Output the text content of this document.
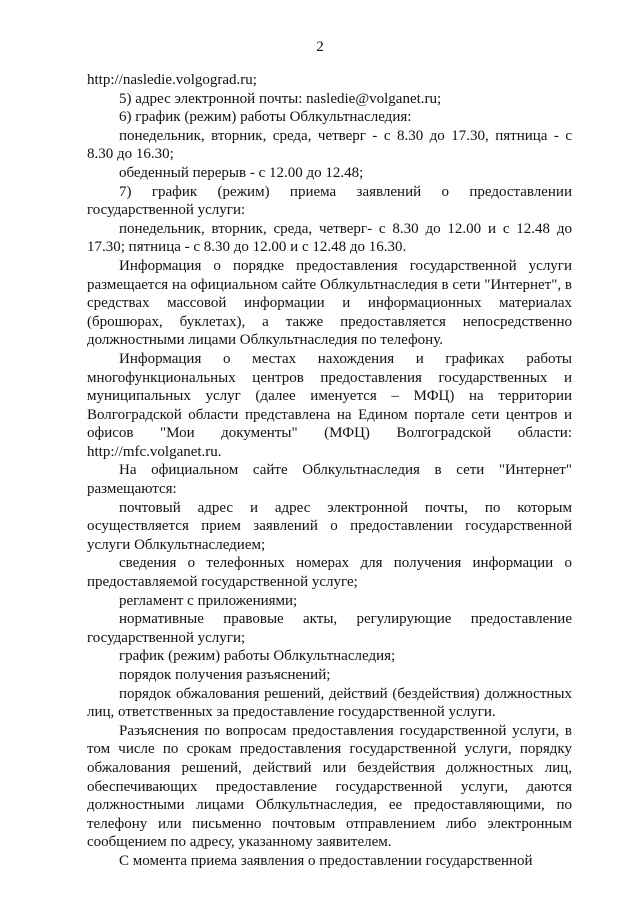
2

http://nasledie.volgograd.ru;

5) адрес электронной почты: nasledie@volganet.ru;

6) график (режим) работы Облкультнаследия:

понедельник, вторник, среда, четверг - с 8.30 до 17.30, пятница - с 8.30 до 16.30;

обеденный перерыв - с 12.00 до 12.48;

7) график (режим) приема заявлений о предоставлении государственной услуги:

понедельник, вторник, среда, четверг- с 8.30 до 12.00 и с 12.48 до 17.30; пятница - с 8.30 до 12.00 и с 12.48 до 16.30.

Информация о порядке предоставления государственной услуги размещается на официальном сайте Облкультнаследия в сети "Интернет", в средствах массовой информации и информационных материалах (брошюрах, буклетах), а также предоставляется непосредственно должностными лицами Облкультнаследия по телефону.

Информация о местах нахождения и графиках работы многофункциональных центров предоставления государственных и муниципальных услуг (далее именуется – МФЦ) на территории Волгоградской области представлена на Едином портале сети центров и офисов "Мои документы" (МФЦ) Волгоградской области: http://mfc.volganet.ru.

На официальном сайте Облкультнаследия в сети "Интернет" размещаются:

почтовый адрес и адрес электронной почты, по которым осуществляется прием заявлений о предоставлении государственной услуги Облкультнаследием;

сведения о телефонных номерах для получения информации о предоставляемой государственной услуге;

регламент с приложениями;

нормативные правовые акты, регулирующие предоставление государственной услуги;

график (режим) работы Облкультнаследия;

порядок получения разъяснений;

порядок обжалования решений, действий (бездействия) должностных лиц, ответственных за предоставление государственной услуги.

Разъяснения по вопросам предоставления государственной услуги, в том числе по срокам предоставления государственной услуги, порядку обжалования решений, действий или бездействия должностных лиц, обеспечивающих предоставление государственной услуги, даются должностными лицами Облкультнаследия, ее предоставляющими, по телефону или письменно почтовым отправлением либо электронным сообщением по адресу, указанному заявителем.

С момента приема заявления о предоставлении государственной
